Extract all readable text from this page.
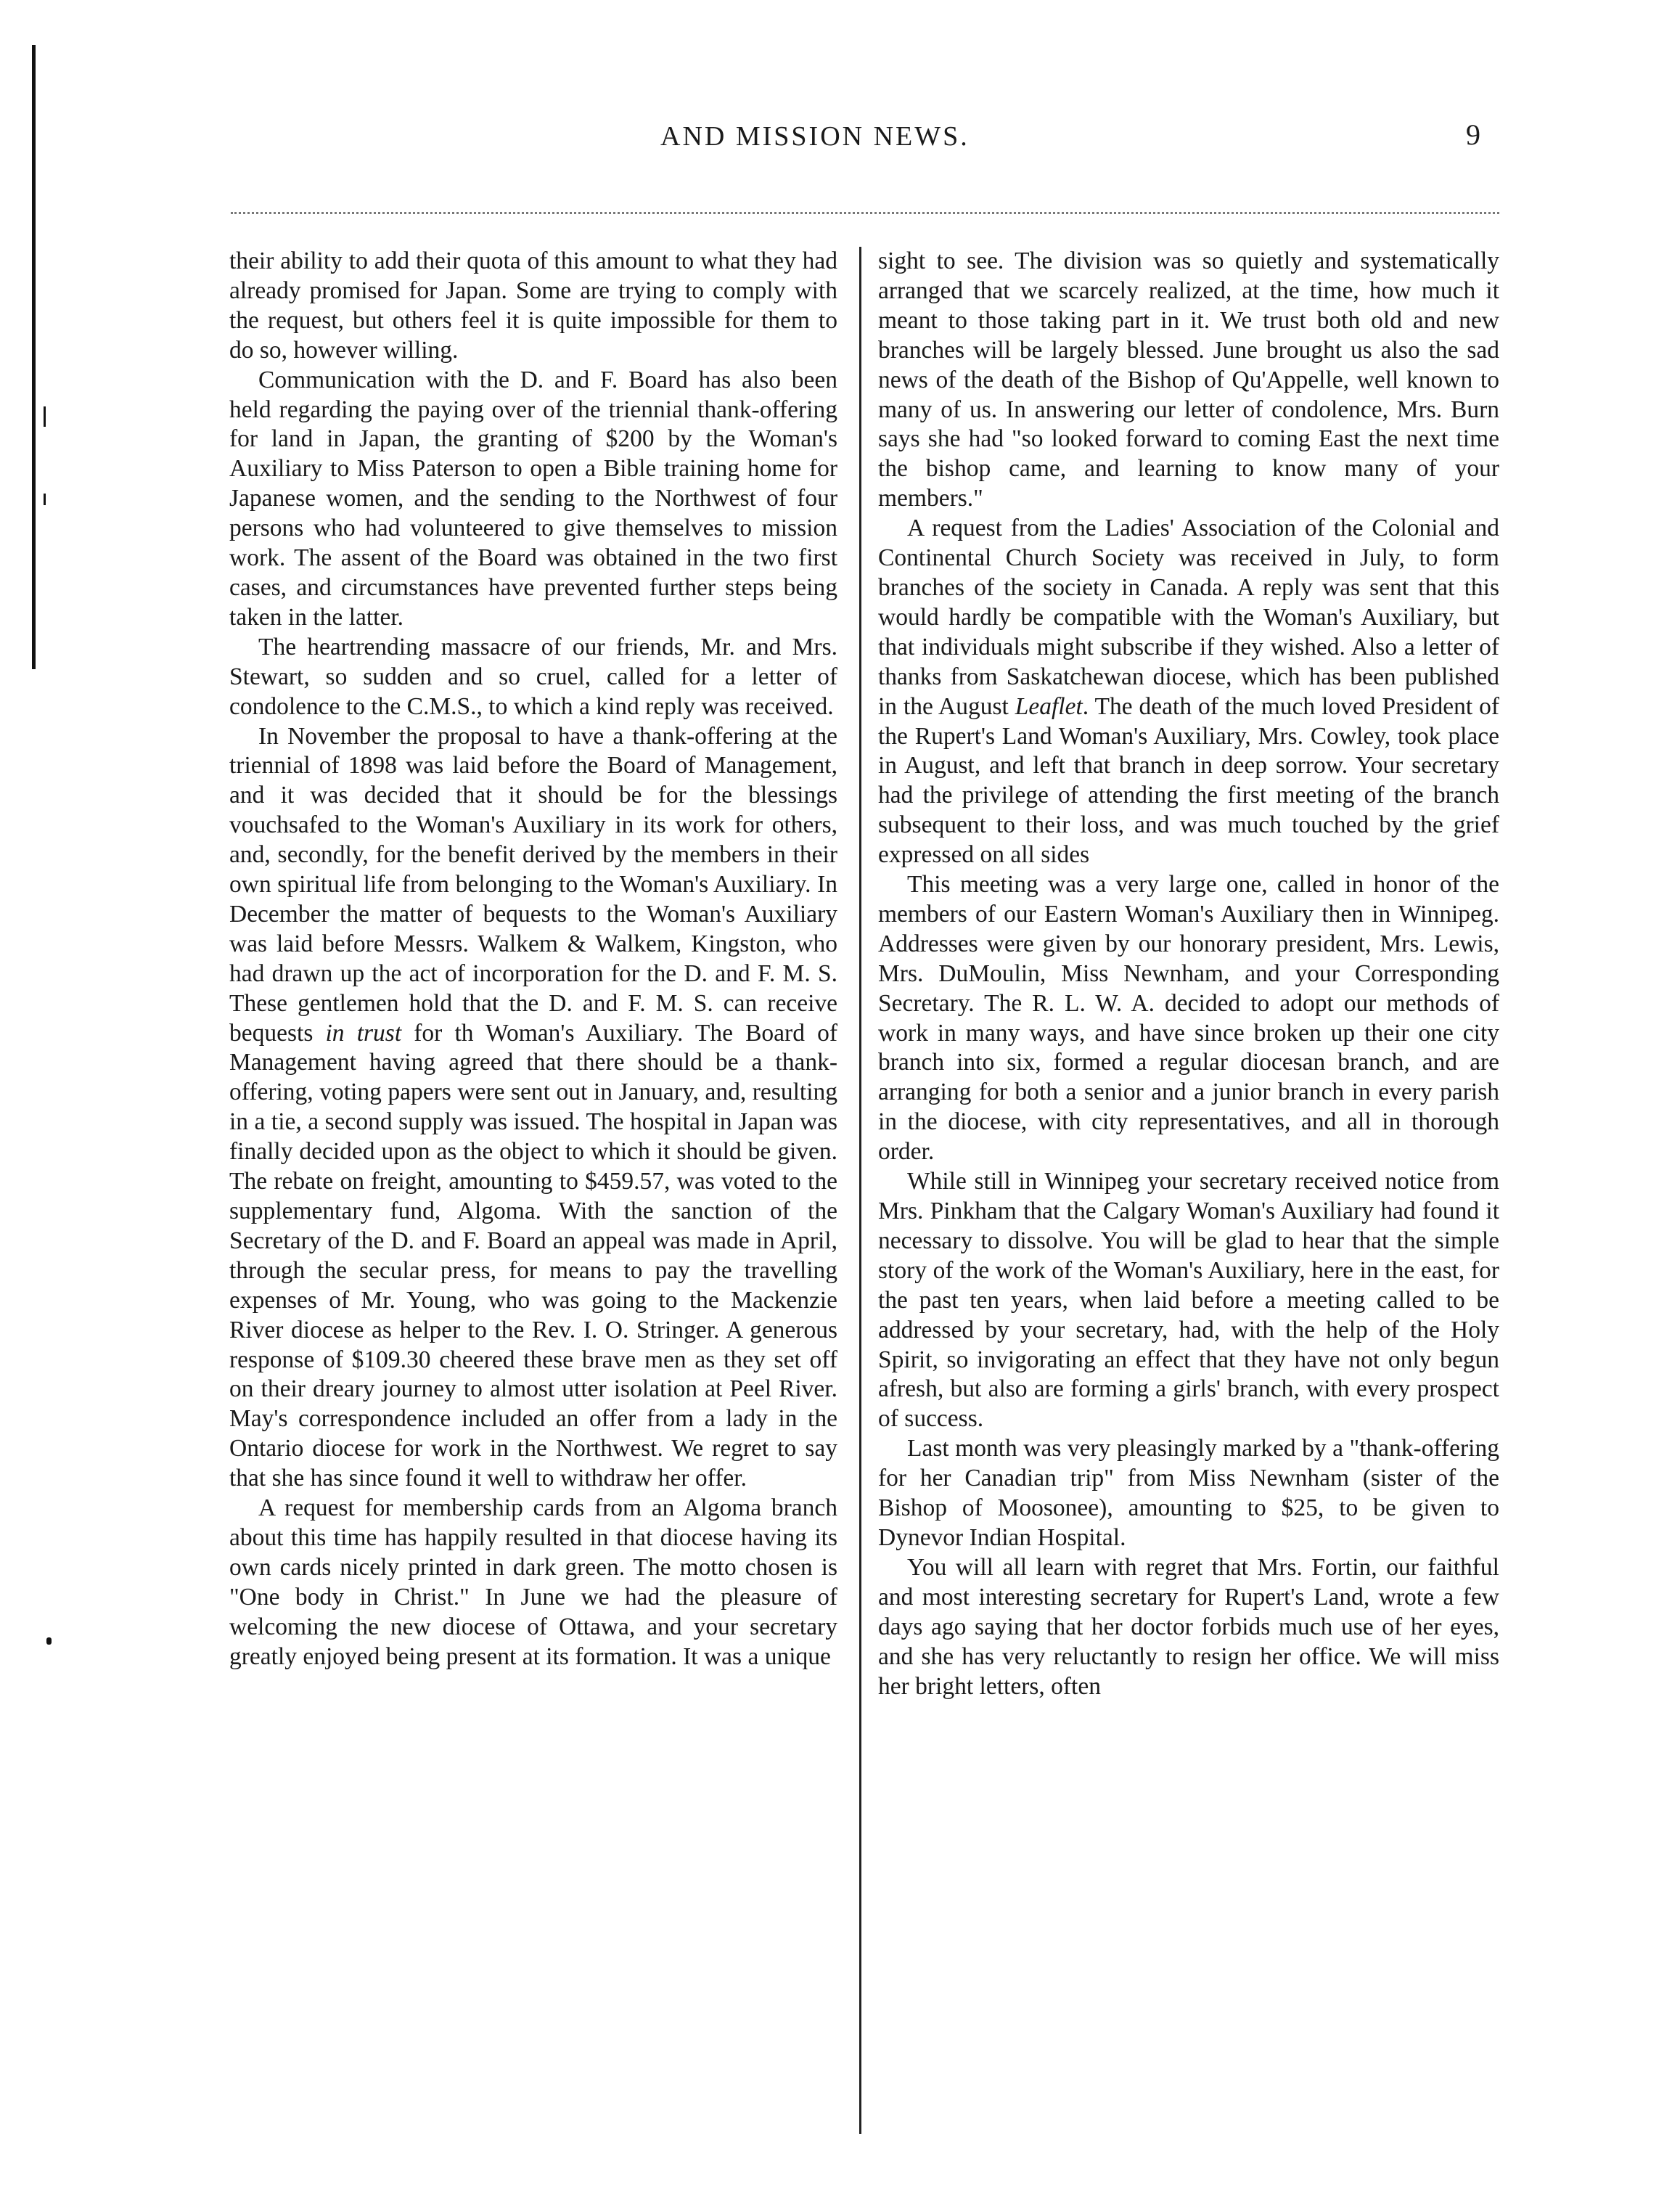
AND MISSION NEWS.	9

their ability to add their quota of this amount to what they had already promised for Japan. Some are trying to comply with the request, but others feel it is quite impossible for them to do so, however willing.

Communication with the D. and F. Board has also been held regarding the paying over of the triennial thank-offering for land in Japan, the granting of $200 by the Woman's Auxiliary to Miss Paterson to open a Bible training home for Japanese women, and the sending to the Northwest of four persons who had volunteered to give themselves to mission work. The assent of the Board was obtained in the two first cases, and circumstances have prevented further steps being taken in the latter.

The heartrending massacre of our friends, Mr. and Mrs. Stewart, so sudden and so cruel, called for a letter of condolence to the C.M.S., to which a kind reply was received.

In November the proposal to have a thank-offering at the triennial of 1898 was laid before the Board of Management, and it was decided that it should be for the blessings vouchsafed to the Woman's Auxiliary in its work for others, and, secondly, for the benefit derived by the members in their own spiritual life from belonging to the Woman's Auxiliary. In December the matter of bequests to the Woman's Auxiliary was laid before Messrs. Walkem & Walkem, Kingston, who had drawn up the act of incorporation for the D. and F. M. S. These gentlemen hold that the D. and F. M. S. can receive bequests in trust for th Woman's Auxiliary. The Board of Management having agreed that there should be a thank-offering, voting papers were sent out in January, and, resulting in a tie, a second supply was issued. The hospital in Japan was finally decided upon as the object to which it should be given. The rebate on freight, amounting to $459.57, was voted to the supplementary fund, Algoma. With the sanction of the Secretary of the D. and F. Board an appeal was made in April, through the secular press, for means to pay the travelling expenses of Mr. Young, who was going to the Mackenzie River diocese as helper to the Rev. I. O. Stringer. A generous response of $109.30 cheered these brave men as they set off on their dreary journey to almost utter isolation at Peel River. May's correspondence included an offer from a lady in the Ontario diocese for work in the Northwest. We regret to say that she has since found it well to withdraw her offer.

A request for membership cards from an Algoma branch about this time has happily resulted in that diocese having its own cards nicely printed in dark green. The motto chosen is "One body in Christ." In June we had the pleasure of welcoming the new diocese of Ottawa, and your secretary greatly enjoyed being present at its formation. It was a unique

sight to see. The division was so quietly and systematically arranged that we scarcely realized, at the time, how much it meant to those taking part in it. We trust both old and new branches will be largely blessed. June brought us also the sad news of the death of the Bishop of Qu'Appelle, well known to many of us. In answering our letter of condolence, Mrs. Burn says she had "so looked forward to coming East the next time the bishop came, and learning to know many of your members."

A request from the Ladies' Association of the Colonial and Continental Church Society was received in July, to form branches of the society in Canada. A reply was sent that this would hardly be compatible with the Woman's Auxiliary, but that individuals might subscribe if they wished. Also a letter of thanks from Saskatchewan diocese, which has been published in the August Leaflet. The death of the much loved President of the Rupert's Land Woman's Auxiliary, Mrs. Cowley, took place in August, and left that branch in deep sorrow. Your secretary had the privilege of attending the first meeting of the branch subsequent to their loss, and was much touched by the grief expressed on all sides

This meeting was a very large one, called in honor of the members of our Eastern Woman's Auxiliary then in Winnipeg. Addresses were given by our honorary president, Mrs. Lewis, Mrs. DuMoulin, Miss Newnham, and your Corresponding Secretary. The R. L. W. A. decided to adopt our methods of work in many ways, and have since broken up their one city branch into six, formed a regular diocesan branch, and are arranging for both a senior and a junior branch in every parish in the diocese, with city representatives, and all in thorough order.

While still in Winnipeg your secretary received notice from Mrs. Pinkham that the Calgary Woman's Auxiliary had found it necessary to dissolve. You will be glad to hear that the simple story of the work of the Woman's Auxiliary, here in the east, for the past ten years, when laid before a meeting called to be addressed by your secretary, had, with the help of the Holy Spirit, so invigorating an effect that they have not only begun afresh, but also are forming a girls' branch, with every prospect of success.

Last month was very pleasingly marked by a "thank-offering for her Canadian trip" from Miss Newnham (sister of the Bishop of Moosonee), amounting to $25, to be given to Dynevor Indian Hospital.

You will all learn with regret that Mrs. Fortin, our faithful and most interesting secretary for Rupert's Land, wrote a few days ago saying that her doctor forbids much use of her eyes, and she has very reluctantly to resign her office. We will miss her bright letters, often
